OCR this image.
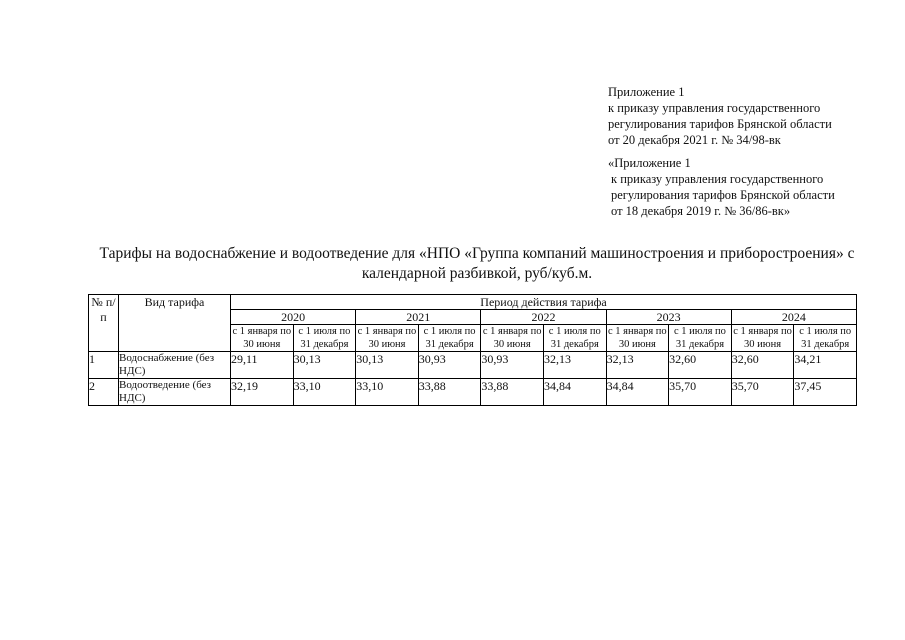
Приложение 1
к приказу управления государственного
регулирования тарифов Брянской области
от 20 декабря 2021 г. № 34/98-вк
«Приложение 1
к приказу управления государственного
регулирования тарифов Брянской области
от 18 декабря 2019 г. № 36/86-вк»
Тарифы на водоснабжение и водоотведение для «НПО «Группа компаний машиностроения и приборостроения» с
календарной разбивкой, руб/куб.м.
№ п/п	Вид тарифа	Период действия тарифа									
		2020		2021		2022		2023		2024	
		с 1 января по 30 июня	с 1 июля по 31 декабря	с 1 января по 30 июня	с 1 июля по 31 декабря	с 1 января по 30 июня	с 1 июля по 31 декабря	с 1 января по 30 июня	с 1 июля по 31 декабря	с 1 января по 30 июня	с 1 июля по 31 декабря
1	Водоснабжение (без НДС)	29,11	30,13	30,13	30,93	30,93	32,13	32,13	32,60	32,60	34,21
2	Водоотведение (без НДС)	32,19	33,10	33,10	33,88	33,88	34,84	34,84	35,70	35,70	37,45
